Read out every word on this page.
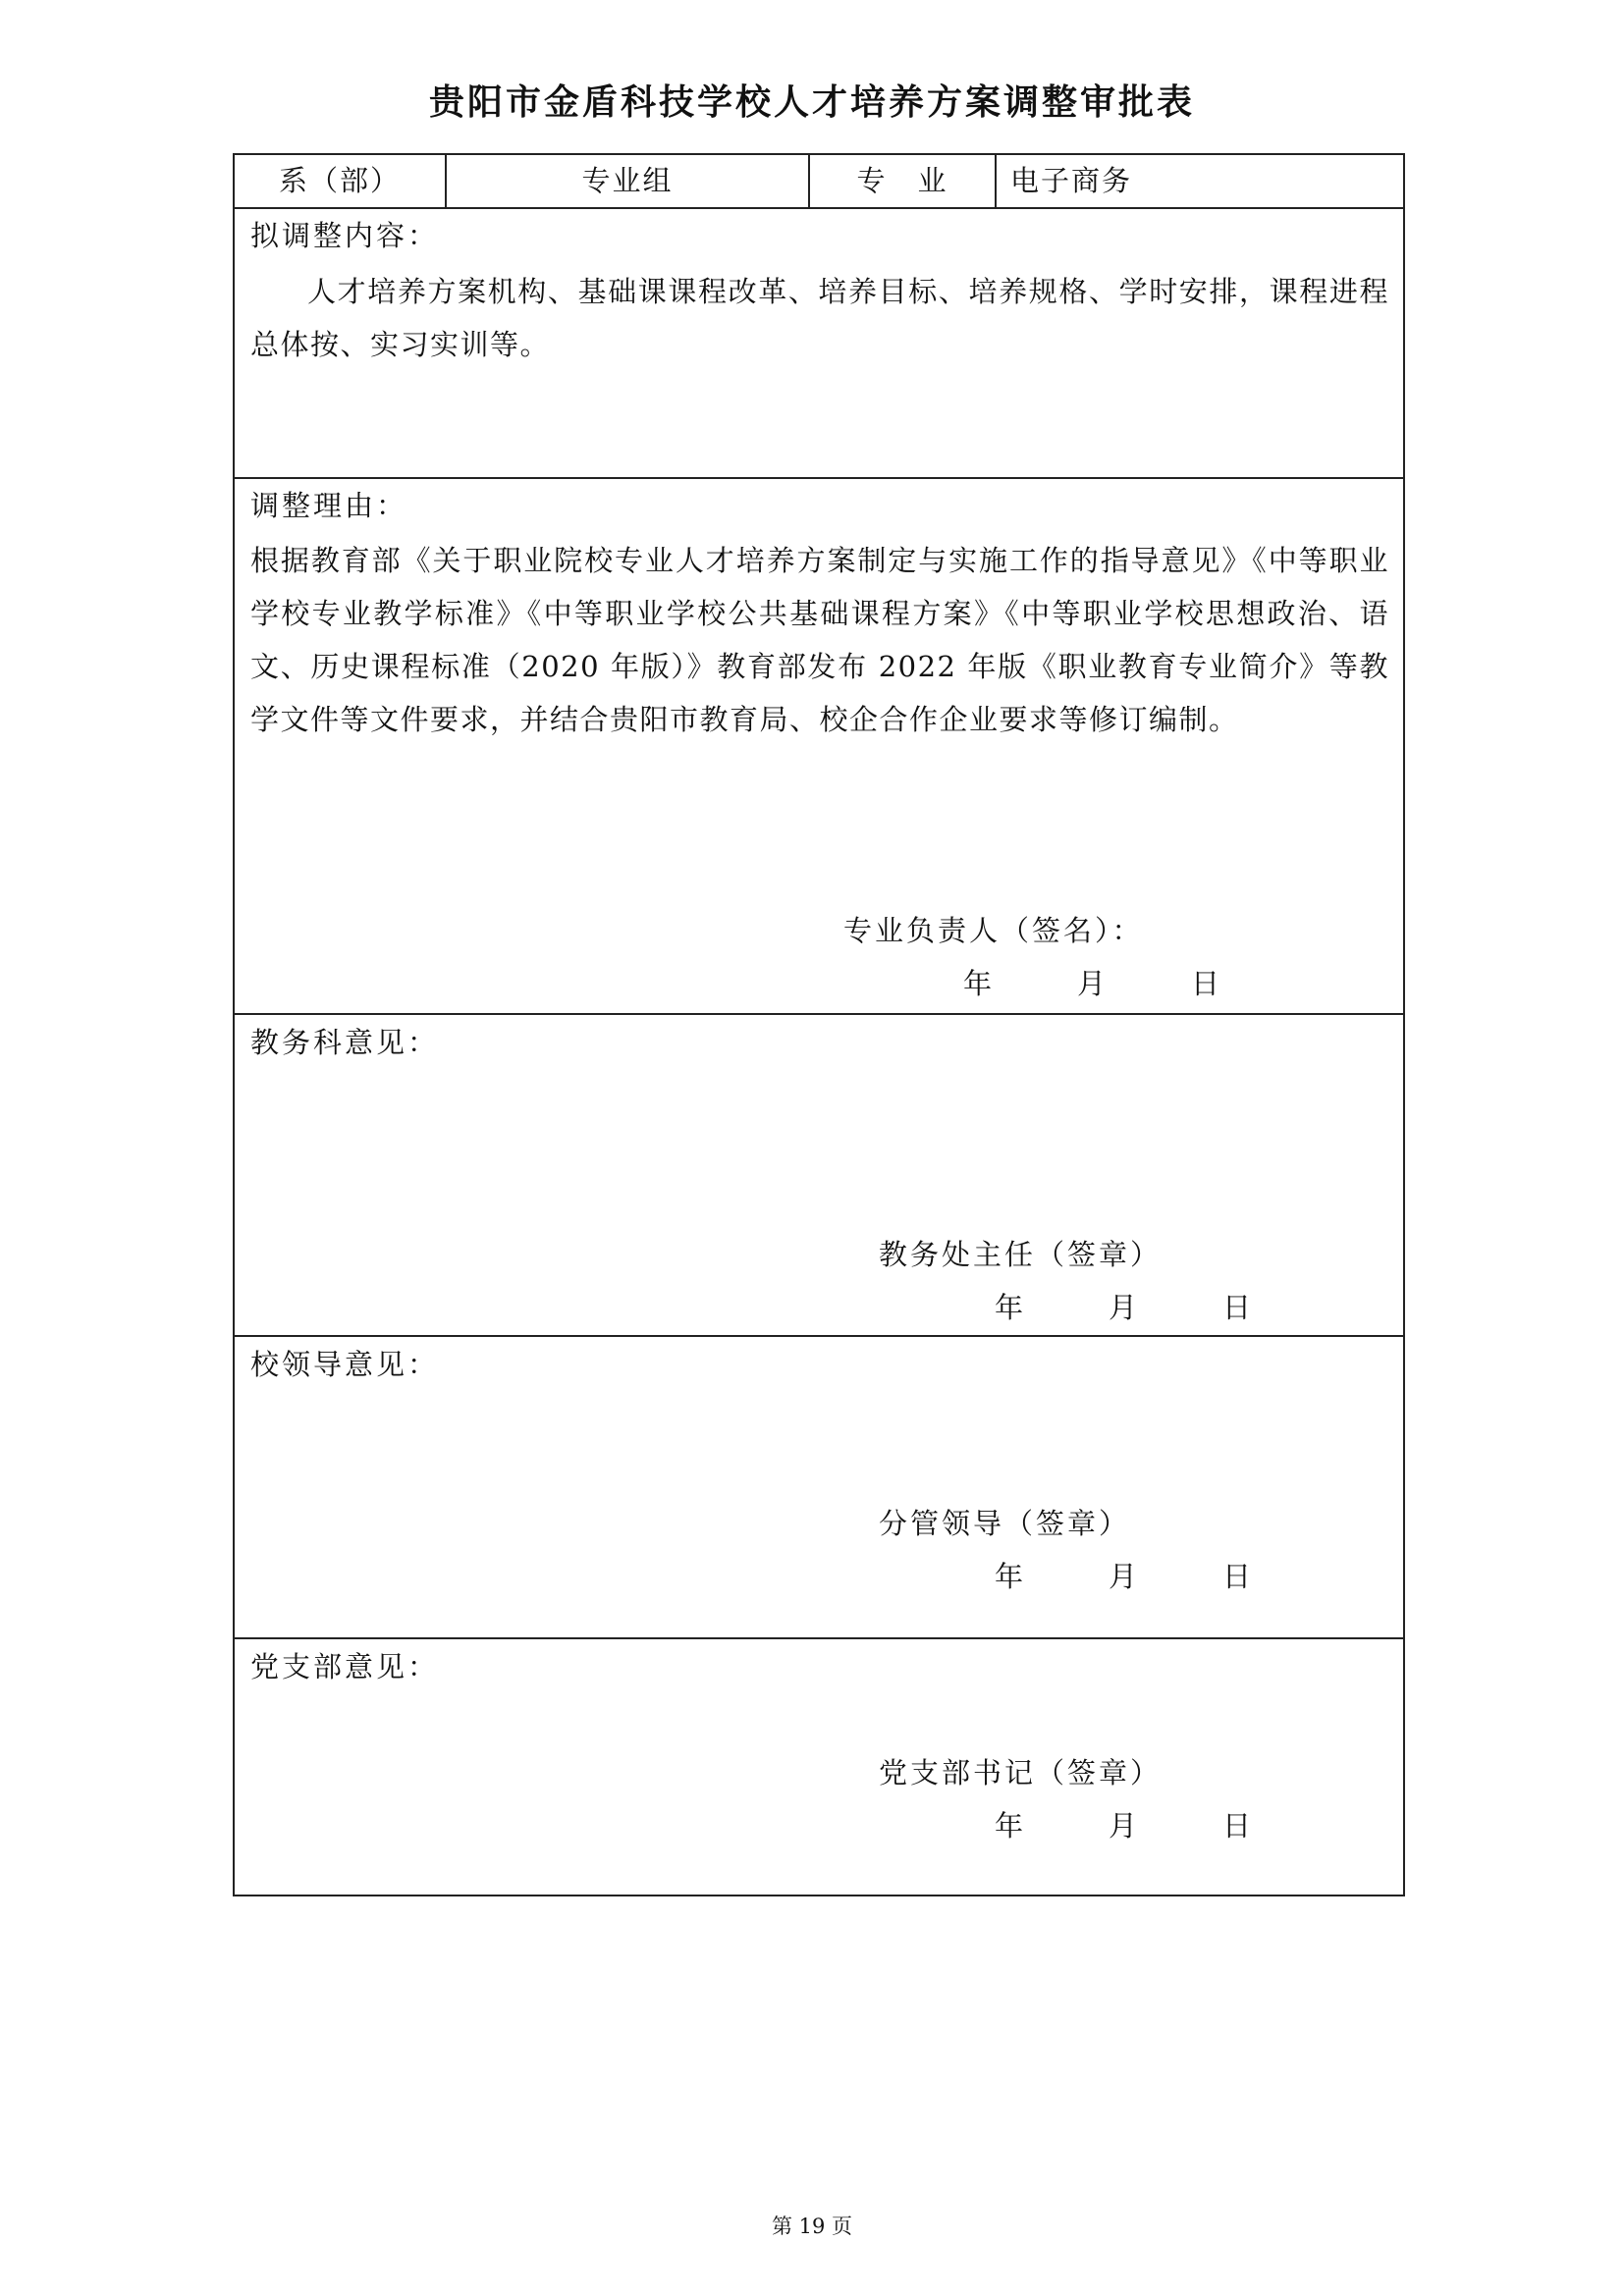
贵阳市金盾科技学校人才培养方案调整审批表
系（部）	专业组	专　业	电子商务
拟调整内容：

人才培养方案机构、基础课课程改革、培养目标、培养规格、学时安排，课程进程总体按、实习实训等。

调整理由：

根据教育部《关于职业院校专业人才培养方案制定与实施工作的指导意见》《中等职业学校专业教学标准》《中等职业学校公共基础课程方案》《中等职业学校思想政治、语文、历史课程标准（2020 年版）》教育部发布 2022 年版《职业教育专业简介》等教学文件等文件要求，并结合贵阳市教育局、校企合作企业要求等修订编制。

专业负责人（签名）：
年　　　月　　　日
教务科意见：
教务处主任（签章）
年　　　月　　　日
校领导意见：
分管领导（签章）
年　　　月　　　日
党支部意见：
党支部书记（签章）
年　　　月　　　日
第 19 页
